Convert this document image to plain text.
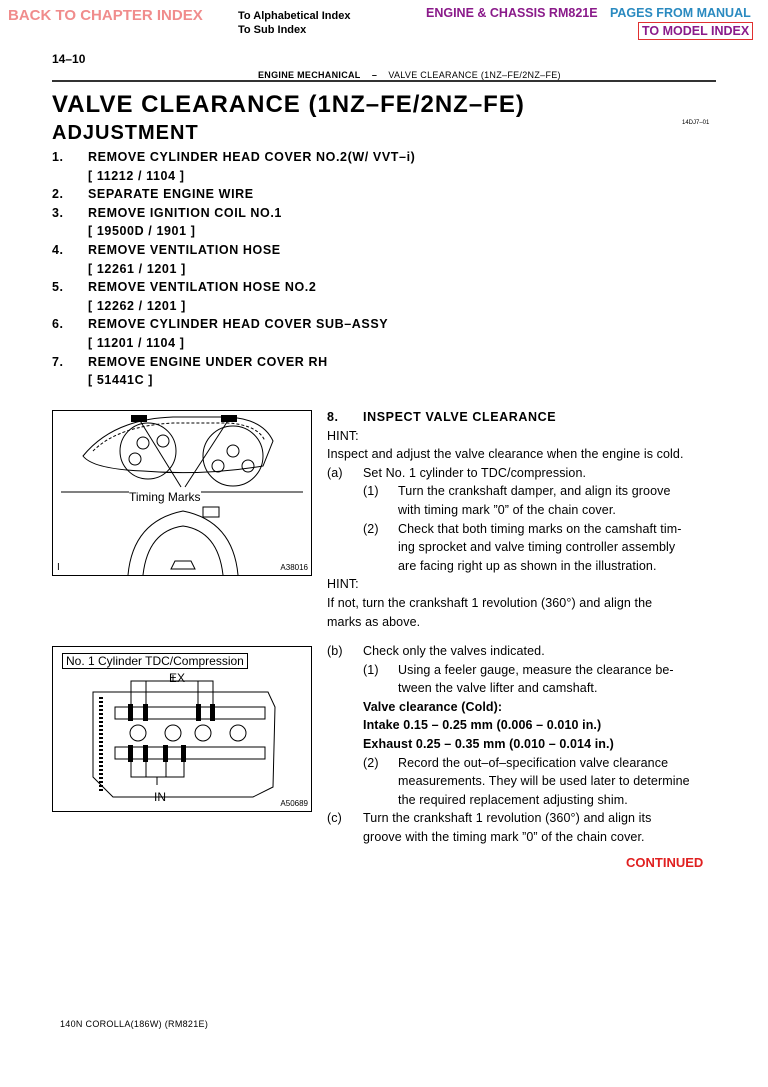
BACK TO CHAPTER INDEX	To Alphabetical Index
To Sub Index
ENGINE & CHASSIS RM821E PAGES FROM MANUAL
TO MODEL INDEX
14–10
ENGINE MECHANICAL – VALVE CLEARANCE (1NZ–FE/2NZ–FE)
VALVE CLEARANCE (1NZ–FE/2NZ–FE)
ADJUSTMENT	14DJ7–01
1. REMOVE CYLINDER HEAD COVER NO.2(W/ VVT–i)
[ 11212 / 1104 ]
2. SEPARATE ENGINE WIRE
3. REMOVE IGNITION COIL NO.1
[ 19500D / 1901 ]
4. REMOVE VENTILATION HOSE
[ 12261 / 1201 ]
5. REMOVE VENTILATION HOSE NO.2
[ 12262 / 1201 ]
6. REMOVE CYLINDER HEAD COVER SUB–ASSY
[ 11201 / 1104 ]
7. REMOVE ENGINE UNDER COVER RH
[ 51441C ]
Timing Marks
I	A38016
No. 1 Cylinder TDC/Compression
EX
IN	A50689
8. INSPECT VALVE CLEARANCE
HINT:
Inspect and adjust the valve clearance when the engine is cold.
(a) Set No. 1 cylinder to TDC/compression.
(1) Turn the crankshaft damper, and align its groove
with timing mark ”0” of the chain cover.
(2) Check that both timing marks on the camshaft tim-
ing sprocket and valve timing controller assembly
are facing right up as shown in the illustration.
HINT:
If not, turn the crankshaft 1 revolution (360°) and align the
marks as above.
(b) Check only the valves indicated.
(1) Using a feeler gauge, measure the clearance be-
tween the valve lifter and camshaft.
Valve clearance (Cold):
Intake 0.15 – 0.25 mm (0.006 – 0.010 in.)
Exhaust 0.25 – 0.35 mm (0.010 – 0.014 in.)
(2) Record the out–of–specification valve clearance
measurements. They will be used later to determine
the required replacement adjusting shim.
(c) Turn the crankshaft 1 revolution (360°) and align its
groove with the timing mark ”0” of the chain cover.
CONTINUED
140N COROLLA(186W) (RM821E)
